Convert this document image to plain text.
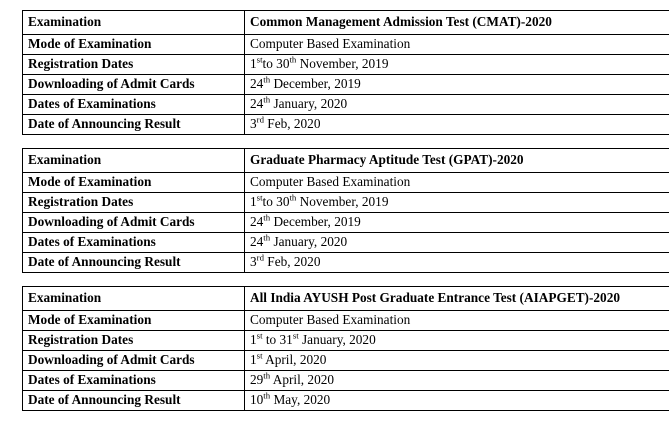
Examination	Common Management Admission Test (CMAT)-2020
Mode of Examination	Computer Based Examination
Registration Dates	1stto 30th November, 2019
Downloading of Admit Cards	24th December, 2019
Dates of Examinations	24th January, 2020
Date of Announcing Result	3rd Feb, 2020
Examination	Graduate Pharmacy Aptitude Test (GPAT)-2020
Mode of Examination	Computer Based Examination
Registration Dates	1stto 30th November, 2019
Downloading of Admit Cards	24th December, 2019
Dates of Examinations	24th January, 2020
Date of Announcing Result	3rd Feb, 2020
Examination	All India AYUSH Post Graduate Entrance Test (AIAPGET)-2020
Mode of Examination	Computer Based Examination
Registration Dates	1st to 31st January, 2020
Downloading of Admit Cards	1st April, 2020
Dates of Examinations	29th April, 2020
Date of Announcing Result	10th May, 2020
